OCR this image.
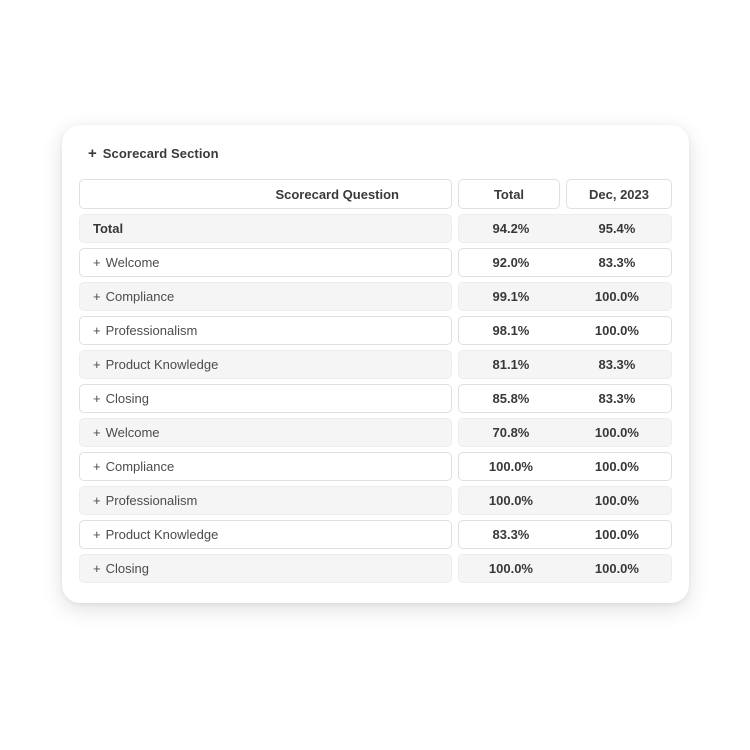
+ Scorecard Section
Scorecard Question	Total	Dec, 2023
Total	94.2%	95.4%
+ Welcome	92.0%	83.3%
+ Compliance	99.1%	100.0%
+ Professionalism	98.1%	100.0%
+ Product Knowledge	81.1%	83.3%
+ Closing	85.8%	83.3%
+ Welcome	70.8%	100.0%
+ Compliance	100.0%	100.0%
+ Professionalism	100.0%	100.0%
+ Product Knowledge	83.3%	100.0%
+ Closing	100.0%	100.0%
